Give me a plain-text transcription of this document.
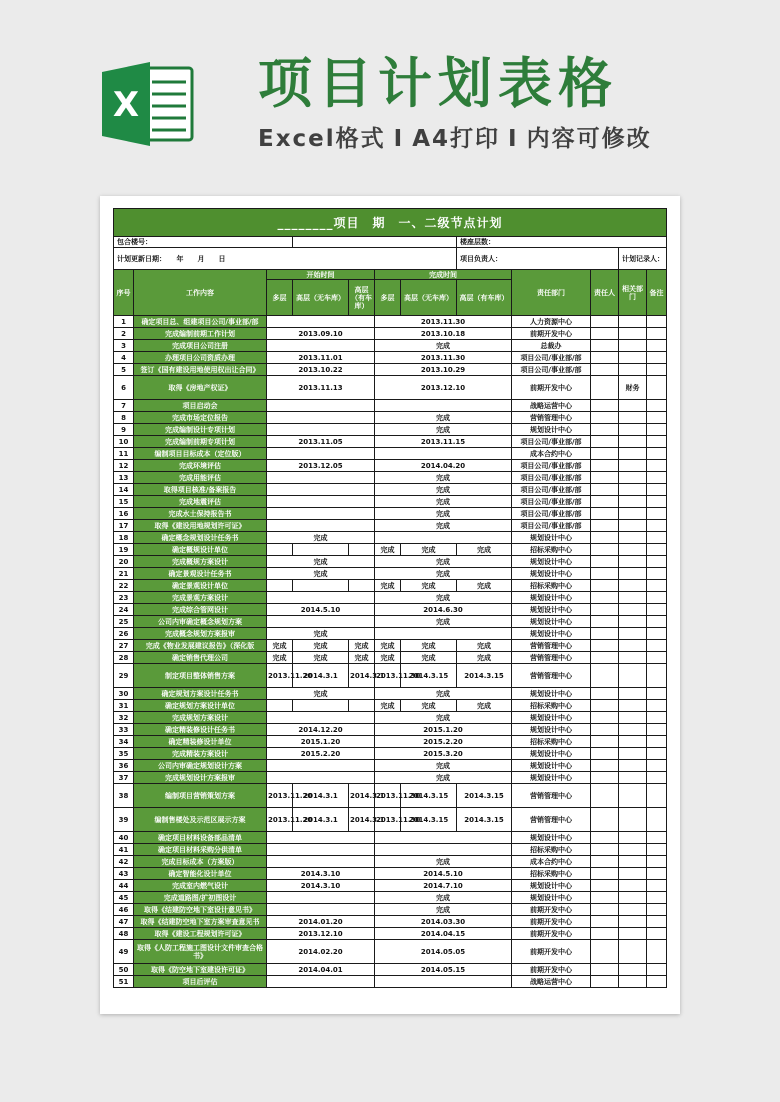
X 项目计划表格
Excel格式 I A4打印 I 内容可修改
________项目　期　一、二级节点计划											
包合楼号：							楼座层数：				
计划更新日期：　　年　　月　　日							项目负责人：			计划记录人：	
序号	工作内容	开始时间			完成时间			责任部门	责任人	相关部门	备注
		多层	高层（无车库）	高层（有车库）	多层	高层（无车库）	高层（有车库）				
1	确定项目总、组建项目公司/事业部/部				2013.11.30			人力资源中心			
2	完成编制前期工作计划	2013.09.10			2013.10.18			前期开发中心			
3	完成项目公司注册				完成			总裁办			
4	办理项目公司资质办理	2013.11.01			2013.11.30			项目公司/事业部/部			
5	签订《国有建设用地使用权出让合同》	2013.10.22			2013.10.29			项目公司/事业部/部			
6	取得《房地产权证》	2013.11.13			2013.12.10			前期开发中心		财务	
7	项目启动会							战略运营中心			
8	完成市场定位报告				完成			营销管理中心			
9	完成编制设计专项计划				完成			规划设计中心			
10	完成编制前期专项计划	2013.11.05			2013.11.15			项目公司/事业部/部			
11	编制项目目标成本（定位版）							成本合约中心			
12	完成环境评估	2013.12.05			2014.04.20			项目公司/事业部/部			
13	完成用能评估				完成			项目公司/事业部/部			
14	取得项目核准/备案报告				完成			项目公司/事业部/部			
15	完成地震评估				完成			项目公司/事业部/部			
16	完成水土保持报告书				完成			项目公司/事业部/部			
17	取得《建设用地规划许可证》				完成			项目公司/事业部/部			
18	确定概念规划设计任务书	完成						规划设计中心			
19	确定概规设计单位				完成	完成	完成	招标采购中心			
20	完成概规方案设计	完成			完成			规划设计中心			
21	确定景观设计任务书	完成			完成			规划设计中心			
22	确定景观设计单位				完成	完成	完成	招标采购中心			
23	完成景观方案设计				完成			规划设计中心			
24	完成综合管网设计	2014.5.10			2014.6.30			规划设计中心			
25	公司内审确定概念规划方案				完成			规划设计中心			
26	完成概念规划方案报审	完成						规划设计中心			
27	完成《物业发展建议报告》（深化版	完成	完成	完成	完成	完成	完成	营销管理中心			
28	确定销售代理公司	完成	完成	完成	完成	完成	完成	营销管理中心			
29	制定项目整体销售方案	2013.11.20	2014.3.1	2014.3.1	2013.11.30	2014.3.15	2014.3.15	营销管理中心			
30	确定规划方案设计任务书	完成			完成			规划设计中心			
31	确定规划方案设计单位				完成	完成	完成	招标采购中心			
32	完成规划方案设计				完成			规划设计中心			
33	确定精装修设计任务书	2014.12.20			2015.1.20			规划设计中心			
34	确定精装修设计单位	2015.1.20			2015.2.20			招标采购中心			
35	完成精装方案设计	2015.2.20			2015.3.20			规划设计中心			
36	公司内审确定规划设计方案				完成			规划设计中心			
37	完成规划设计方案报审				完成			规划设计中心			
38	编制项目营销策划方案	2013.11.20	2014.3.1	2014.3.1	2013.11.30	2014.3.15	2014.3.15	营销管理中心			
39	编制售楼处及示范区展示方案	2013.11.20	2014.3.1	2014.3.1	2013.11.30	2014.3.15	2014.3.15	营销管理中心			
40	确定项目材料设备部品清单							规划设计中心			
41	确定项目材料采购分供清单							招标采购中心			
42	完成目标成本（方案版）				完成			成本合约中心			
43	确定智能化设计单位	2014.3.10			2014.5.10			招标采购中心			
44	完成室内燃气设计	2014.3.10			2014.7.10			规划设计中心			
45	完成道路图/扩初图设计				完成			规划设计中心			
46	取得《结建防空地下室设计意见书》				完成			前期开发中心			
47	取得《结建防空地下室方案审查意见书	2014.01.20			2014.03.30			前期开发中心			
48	取得《建设工程规划许可证》	2013.12.10			2014.04.15			前期开发中心			
49	取得《人防工程施工图设计文件审查合格书》	2014.02.20			2014.05.05			前期开发中心			
50	取得《防空地下室建设许可证》	2014.04.01			2014.05.15			前期开发中心			
51	项目后评估							战略运营中心			
